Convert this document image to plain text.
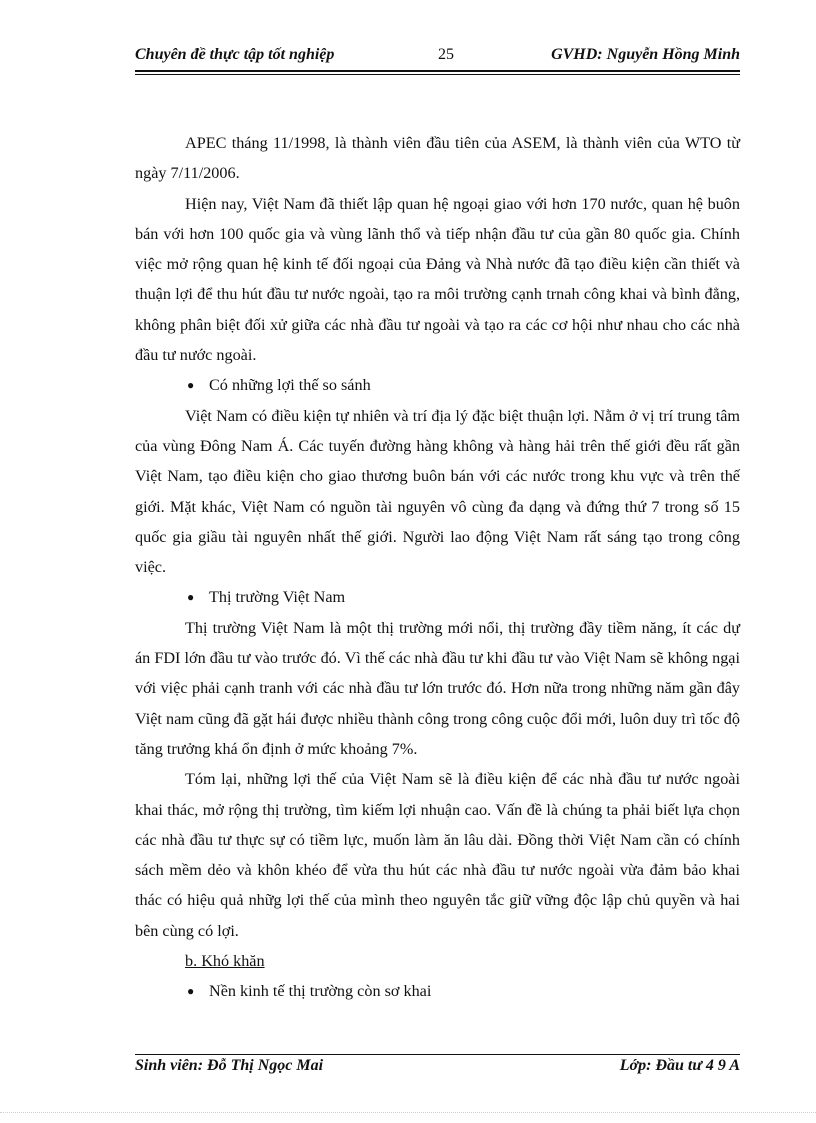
Chuyên đề thực tập tốt nghiệp	25	GVHD: Nguyễn Hồng Minh

APEC tháng 11/1998, là thành viên đầu tiên của ASEM, là thành viên của WTO từ ngày 7/11/2006.

Hiện nay, Việt Nam đã thiết lập quan hệ ngoại giao với hơn 170 nước, quan hệ buôn bán với hơn 100 quốc gia và vùng lãnh thổ và tiếp nhận đầu tư của gần 80 quốc gia. Chính việc mở rộng quan hệ kinh tế đối ngoại của Đảng và Nhà nước đã tạo điều kiện cần thiết và thuận lợi để thu hút đầu tư nước ngoài, tạo ra môi trường cạnh trnah công khai và bình đẳng, không phân biệt đối xử giữa các nhà đầu tư ngoài và tạo ra các cơ hội như nhau cho các nhà đầu tư nước ngoài.

● Có những lợi thế so sánh

Việt Nam có điều kiện tự nhiên và trí địa lý đặc biệt thuận lợi. Nằm ở vị trí trung tâm của vùng Đông Nam Á. Các tuyến đường hàng không và hàng hải trên thế giới đều rất gần Việt Nam, tạo điều kiện cho giao thương buôn bán với các nước trong khu vực và trên thế giới. Mặt khác, Việt Nam có nguồn tài nguyên vô cùng đa dạng và đứng thứ 7 trong số 15 quốc gia giầu tài nguyên nhất thế giới. Người lao động Việt Nam rất sáng tạo trong công việc.

● Thị trường Việt Nam

Thị trường Việt Nam là một thị trường mới nổi, thị trường đầy tiềm năng, ít các dự án FDI lớn đầu tư vào trước đó. Vì thế các nhà đầu tư khi đầu tư vào Việt Nam sẽ không ngại với việc phải cạnh tranh với các nhà đầu tư lớn trước đó. Hơn nữa trong những năm gần đây Việt nam cũng đã gặt hái được nhiều thành công trong công cuộc đổi mới, luôn duy trì tốc độ tăng trưởng khá ổn định ở mức khoảng 7%.

Tóm lại, những lợi thế của Việt Nam sẽ là điều kiện để các nhà đầu tư nước ngoài khai thác, mở rộng thị trường, tìm kiếm lợi nhuận cao. Vấn đề là chúng ta phải biết lựa chọn các nhà đầu tư thực sự có tiềm lực, muốn làm ăn lâu dài. Đồng thời Việt Nam cần có chính sách mềm dẻo và khôn khéo để vừa thu hút các nhà đầu tư nước ngoài vừa đảm bảo khai thác có hiệu quả nhữg lợi thế của mình theo nguyên tắc giữ vững độc lập chủ quyền và hai bên cùng có lợi.

b. Khó khăn
● Nền kinh tế thị trường còn sơ khai
Sinh viên: Đỗ Thị Ngọc Mai	Lớp: Đầu tư 4 9 A
